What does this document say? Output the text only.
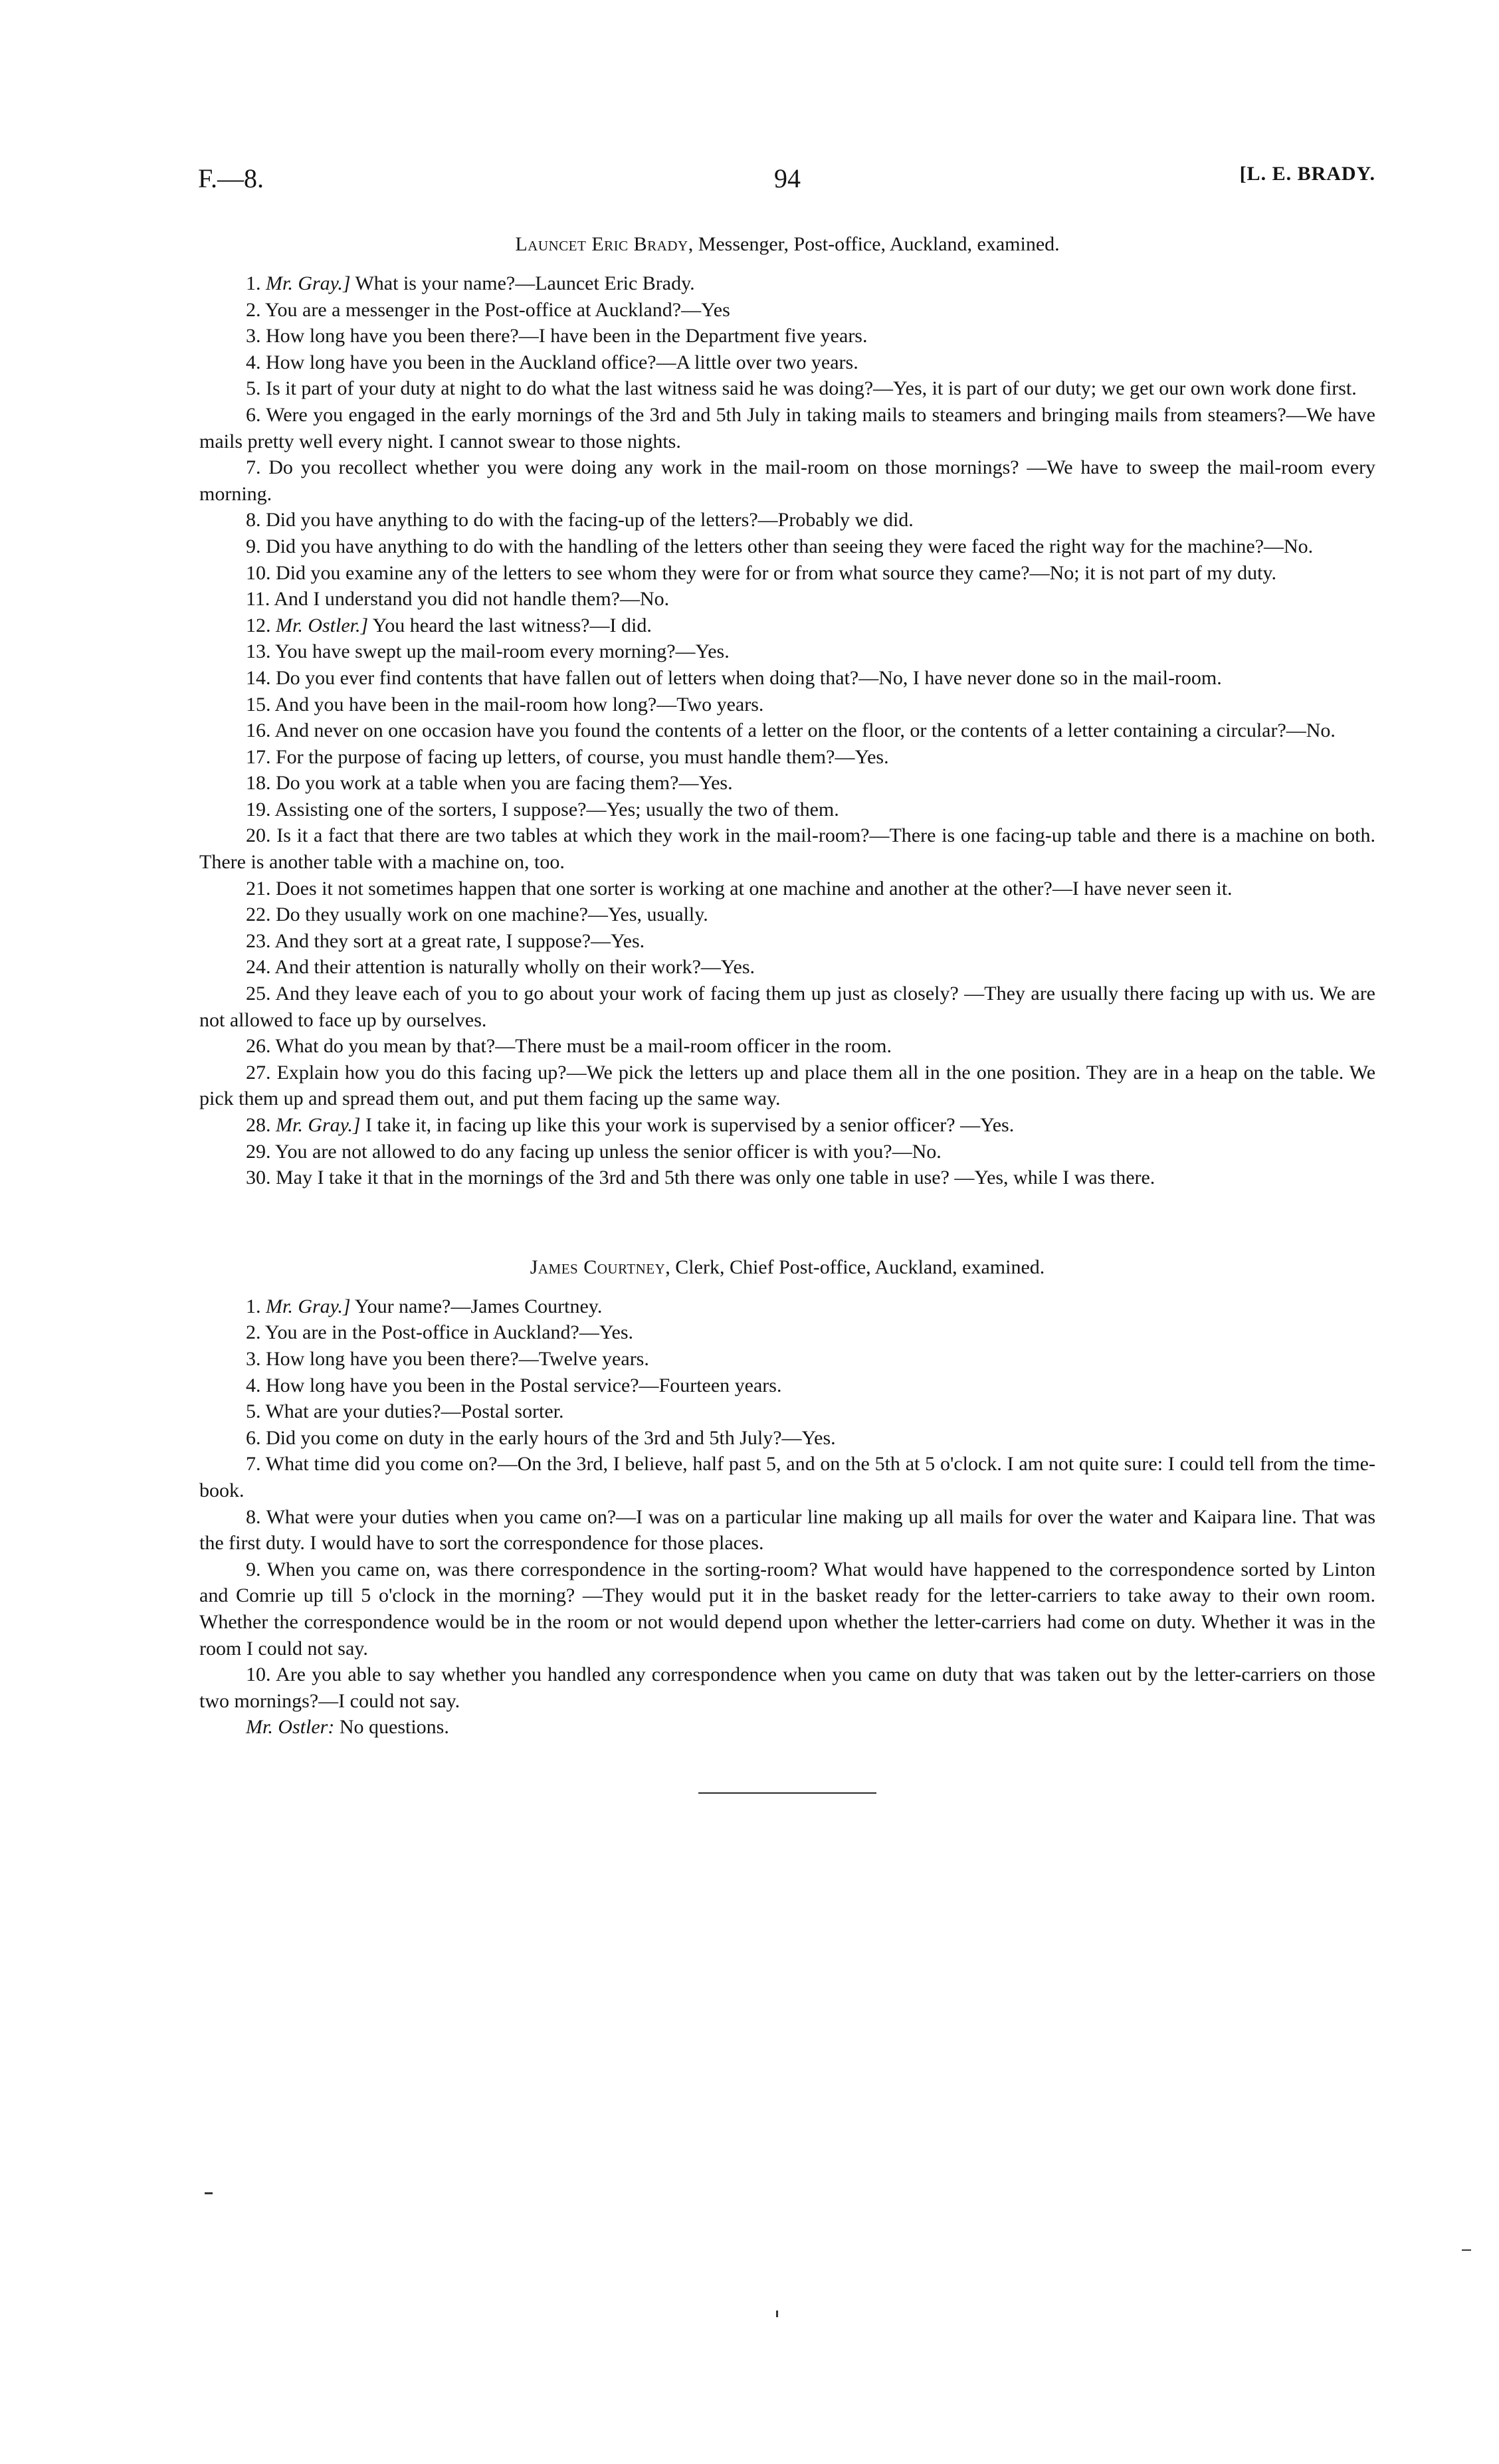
F.—8.	94	[L. E. BRADY.
Launcet Eric Brady, Messenger, Post-office, Auckland, examined.

1. Mr. Gray.] What is your name?—Launcet Eric Brady.

2. You are a messenger in the Post-office at Auckland?—Yes

3. How long have you been there?—I have been in the Department five years.

4. How long have you been in the Auckland office?—A little over two years.

5. Is it part of your duty at night to do what the last witness said he was doing?—Yes, it is part of our duty; we get our own work done first.

6. Were you engaged in the early mornings of the 3rd and 5th July in taking mails to steamers and bringing mails from steamers?—We have mails pretty well every night. I cannot swear to those nights.

7. Do you recollect whether you were doing any work in the mail-room on those mornings? —We have to sweep the mail-room every morning.

8. Did you have anything to do with the facing-up of the letters?—Probably we did.

9. Did you have anything to do with the handling of the letters other than seeing they were faced the right way for the machine?—No.

10. Did you examine any of the letters to see whom they were for or from what source they came?—No; it is not part of my duty.

11. And I understand you did not handle them?—No.

12. Mr. Ostler.] You heard the last witness?—I did.

13. You have swept up the mail-room every morning?—Yes.

14. Do you ever find contents that have fallen out of letters when doing that?—No, I have never done so in the mail-room.

15. And you have been in the mail-room how long?—Two years.

16. And never on one occasion have you found the contents of a letter on the floor, or the contents of a letter containing a circular?—No.

17. For the purpose of facing up letters, of course, you must handle them?—Yes.

18. Do you work at a table when you are facing them?—Yes.

19. Assisting one of the sorters, I suppose?—Yes; usually the two of them.

20. Is it a fact that there are two tables at which they work in the mail-room?—There is one facing-up table and there is a machine on both. There is another table with a machine on, too.

21. Does it not sometimes happen that one sorter is working at one machine and another at the other?—I have never seen it.

22. Do they usually work on one machine?—Yes, usually.

23. And they sort at a great rate, I suppose?—Yes.

24. And their attention is naturally wholly on their work?—Yes.

25. And they leave each of you to go about your work of facing them up just as closely? —They are usually there facing up with us. We are not allowed to face up by ourselves.

26. What do you mean by that?—There must be a mail-room officer in the room.

27. Explain how you do this facing up?—We pick the letters up and place them all in the one position. They are in a heap on the table. We pick them up and spread them out, and put them facing up the same way.

28. Mr. Gray.] I take it, in facing up like this your work is supervised by a senior officer? —Yes.

29. You are not allowed to do any facing up unless the senior officer is with you?—No.

30. May I take it that in the mornings of the 3rd and 5th there was only one table in use? —Yes, while I was there.

James Courtney, Clerk, Chief Post-office, Auckland, examined.

1. Mr. Gray.] Your name?—James Courtney.

2. You are in the Post-office in Auckland?—Yes.

3. How long have you been there?—Twelve years.

4. How long have you been in the Postal service?—Fourteen years.

5. What are your duties?—Postal sorter.

6. Did you come on duty in the early hours of the 3rd and 5th July?—Yes.

7. What time did you come on?—On the 3rd, I believe, half past 5, and on the 5th at 5 o'clock. I am not quite sure: I could tell from the time-book.

8. What were your duties when you came on?—I was on a particular line making up all mails for over the water and Kaipara line. That was the first duty. I would have to sort the correspondence for those places.

9. When you came on, was there correspondence in the sorting-room? What would have happened to the correspondence sorted by Linton and Comrie up till 5 o'clock in the morning? —They would put it in the basket ready for the letter-carriers to take away to their own room. Whether the correspondence would be in the room or not would depend upon whether the letter-carriers had come on duty. Whether it was in the room I could not say.

10. Are you able to say whether you handled any correspondence when you came on duty that was taken out by the letter-carriers on those two mornings?—I could not say.

Mr. Ostler: No questions.
